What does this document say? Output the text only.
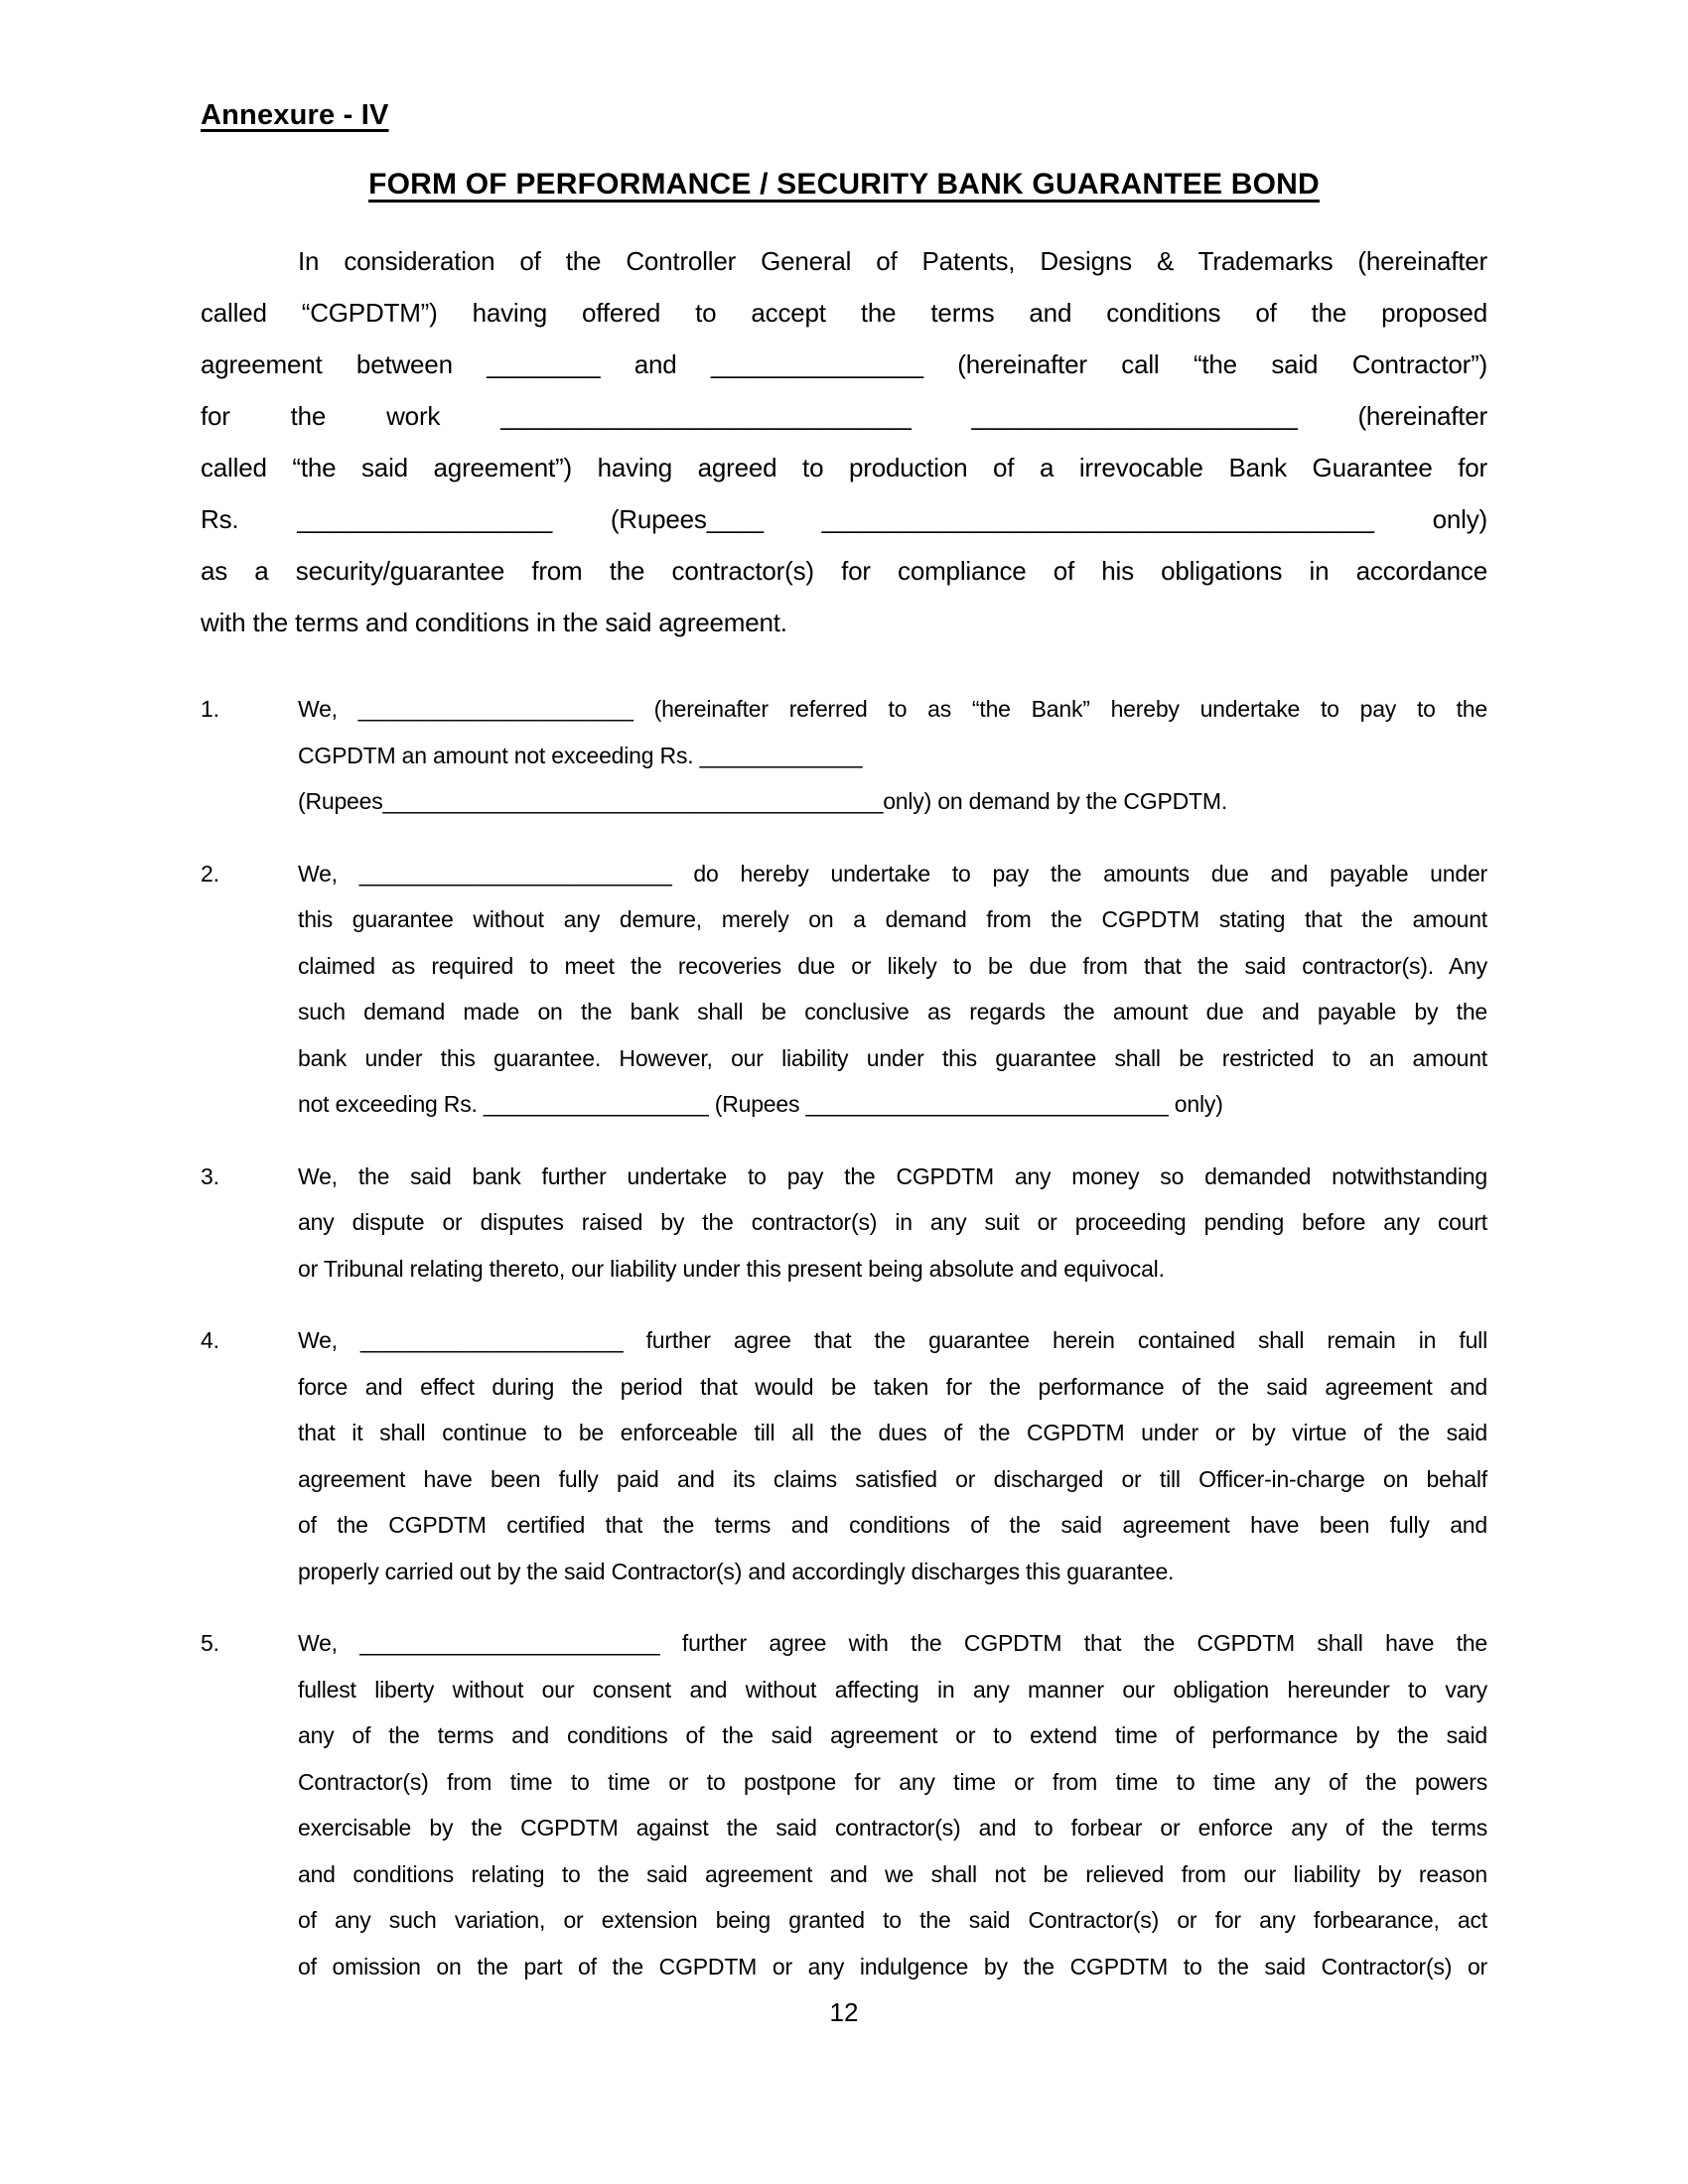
Annexure - IV
FORM OF PERFORMANCE / SECURITY BANK GUARANTEE BOND
In consideration of the Controller General of Patents, Designs & Trademarks (hereinafter
called “CGPDTM”) having offered to accept the terms and conditions of the proposed
agreement between ________ and _______________ (hereinafter call “the said Contractor”)
for the work _____________________________ _______________________ (hereinafter
called “the said agreement”) having agreed to production of a irrevocable Bank Guarantee for
Rs. __________________ (Rupees____ _______________________________________ only)
as a security/guarantee from the contractor(s) for compliance of his obligations in accordance
with the terms and conditions in the said agreement.
1.	We, ______________________ (hereinafter referred to as “the Bank” hereby undertake to pay to the
CGPDTM an amount not exceeding Rs. _____________
(Rupees________________________________________only) on demand by the CGPDTM.
2.	We, _________________________ do hereby undertake to pay the amounts due and payable under
this guarantee without any demure, merely on a demand from the CGPDTM stating that the amount
claimed as required to meet the recoveries due or likely to be due from that the said contractor(s). Any
such demand made on the bank shall be conclusive as regards the amount due and payable by the
bank under this guarantee. However, our liability under this guarantee shall be restricted to an amount
not exceeding Rs. __________________ (Rupees _____________________________ only)
3.	We, the said bank further undertake to pay the CGPDTM any money so demanded notwithstanding
any dispute or disputes raised by the contractor(s) in any suit or proceeding pending before any court
or Tribunal relating thereto, our liability under this present being absolute and equivocal.
4.	We, _____________________ further agree that the guarantee herein contained shall remain in full
force and effect during the period that would be taken for the performance of the said agreement and
that it shall continue to be enforceable till all the dues of the CGPDTM under or by virtue of the said
agreement have been fully paid and its claims satisfied or discharged or till Officer-in-charge on behalf
of the CGPDTM certified that the terms and conditions of the said agreement have been fully and
properly carried out by the said Contractor(s) and accordingly discharges this guarantee.
5.	We, ________________________ further agree with the CGPDTM that the CGPDTM shall have the
fullest liberty without our consent and without affecting in any manner our obligation hereunder to vary
any of the terms and conditions of the said agreement or to extend time of performance by the said
Contractor(s) from time to time or to postpone for any time or from time to time any of the powers
exercisable by the CGPDTM against the said contractor(s) and to forbear or enforce any of the terms
and conditions relating to the said agreement and we shall not be relieved from our liability by reason
of any such variation, or extension being granted to the said Contractor(s) or for any forbearance, act
of omission on the part of the CGPDTM or any indulgence by the CGPDTM to the said Contractor(s) or
12
